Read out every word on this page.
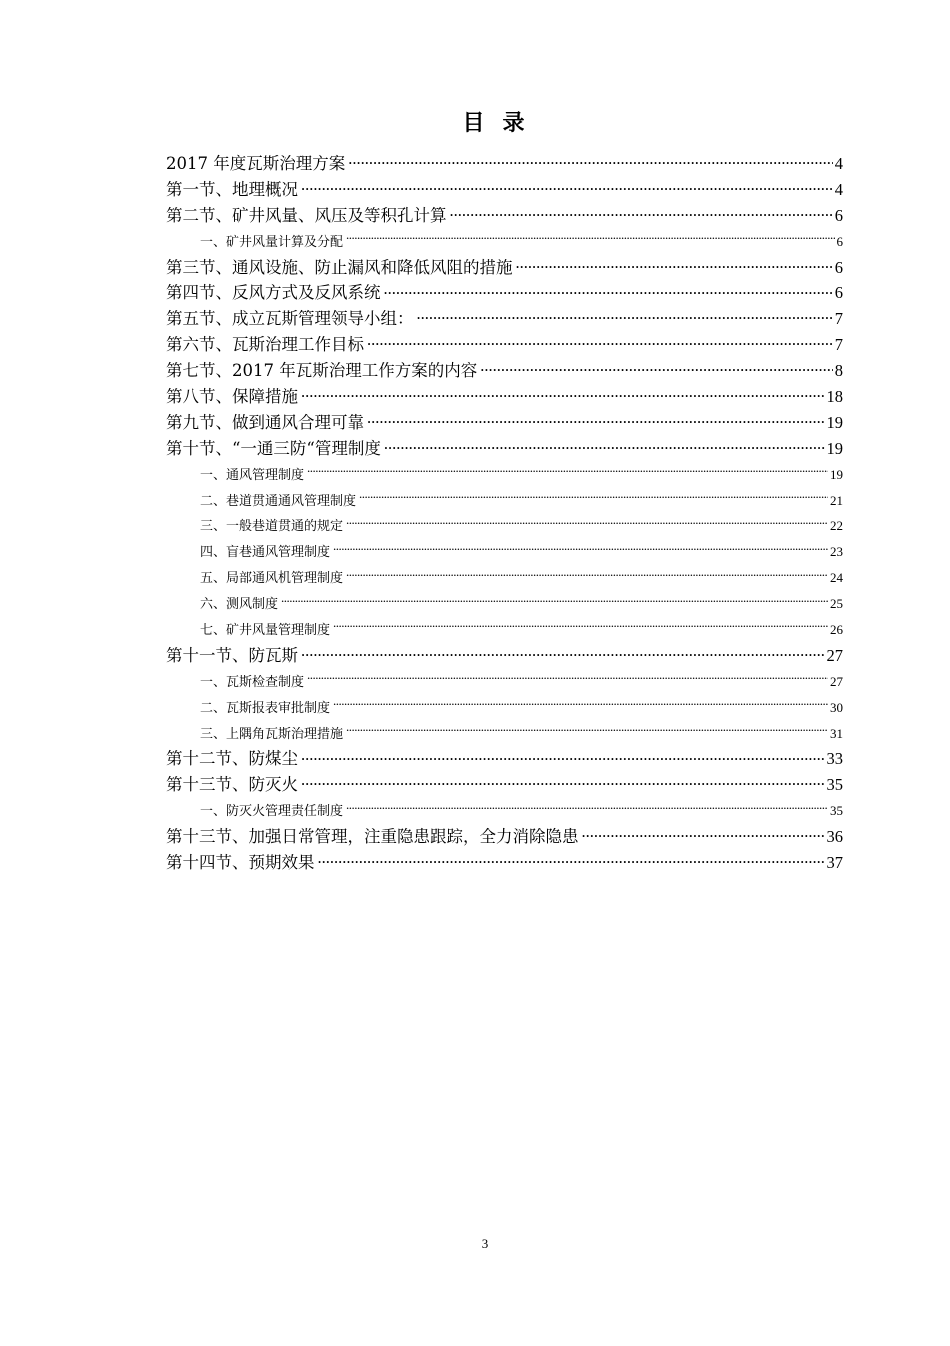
目录
2017 年度瓦斯治理方案 .....	4
第一节、地理概况 .....	4
第二节、矿井风量、风压及等积孔计算 .....	6
一、矿井风量计算及分配 .....	6
第三节、通风设施、防止漏风和降低风阻的措施 .....	6
第四节、反风方式及反风系统 .....	6
第五节、成立瓦斯管理领导小组： .....	7
第六节、瓦斯治理工作目标 .....	7
第七节、2017 年瓦斯治理工作方案的内容 .....	8
第八节、保障措施 .....	18
第九节、做到通风合理可靠 .....	19
第十节、“一通三防“管理制度 .....	19
一、通风管理制度 .....	19
二、巷道贯通通风管理制度 .....	21
三、一般巷道贯通的规定 .....	22
四、盲巷通风管理制度 .....	23
五、局部通风机管理制度 .....	24
六、测风制度 .....	25
七、矿井风量管理制度 .....	26
第十一节、防瓦斯 .....	27
一、瓦斯检查制度 .....	27
二、瓦斯报表审批制度 .....	30
三、上隅角瓦斯治理措施 .....	31
第十二节、防煤尘 .....	33
第十三节、防灭火 .....	35
一、防灭火管理责任制度 .....	35
第十三节、加强日常管理，注重隐患跟踪，全力消除隐患 .....	36
第十四节、预期效果 .....	37
3
